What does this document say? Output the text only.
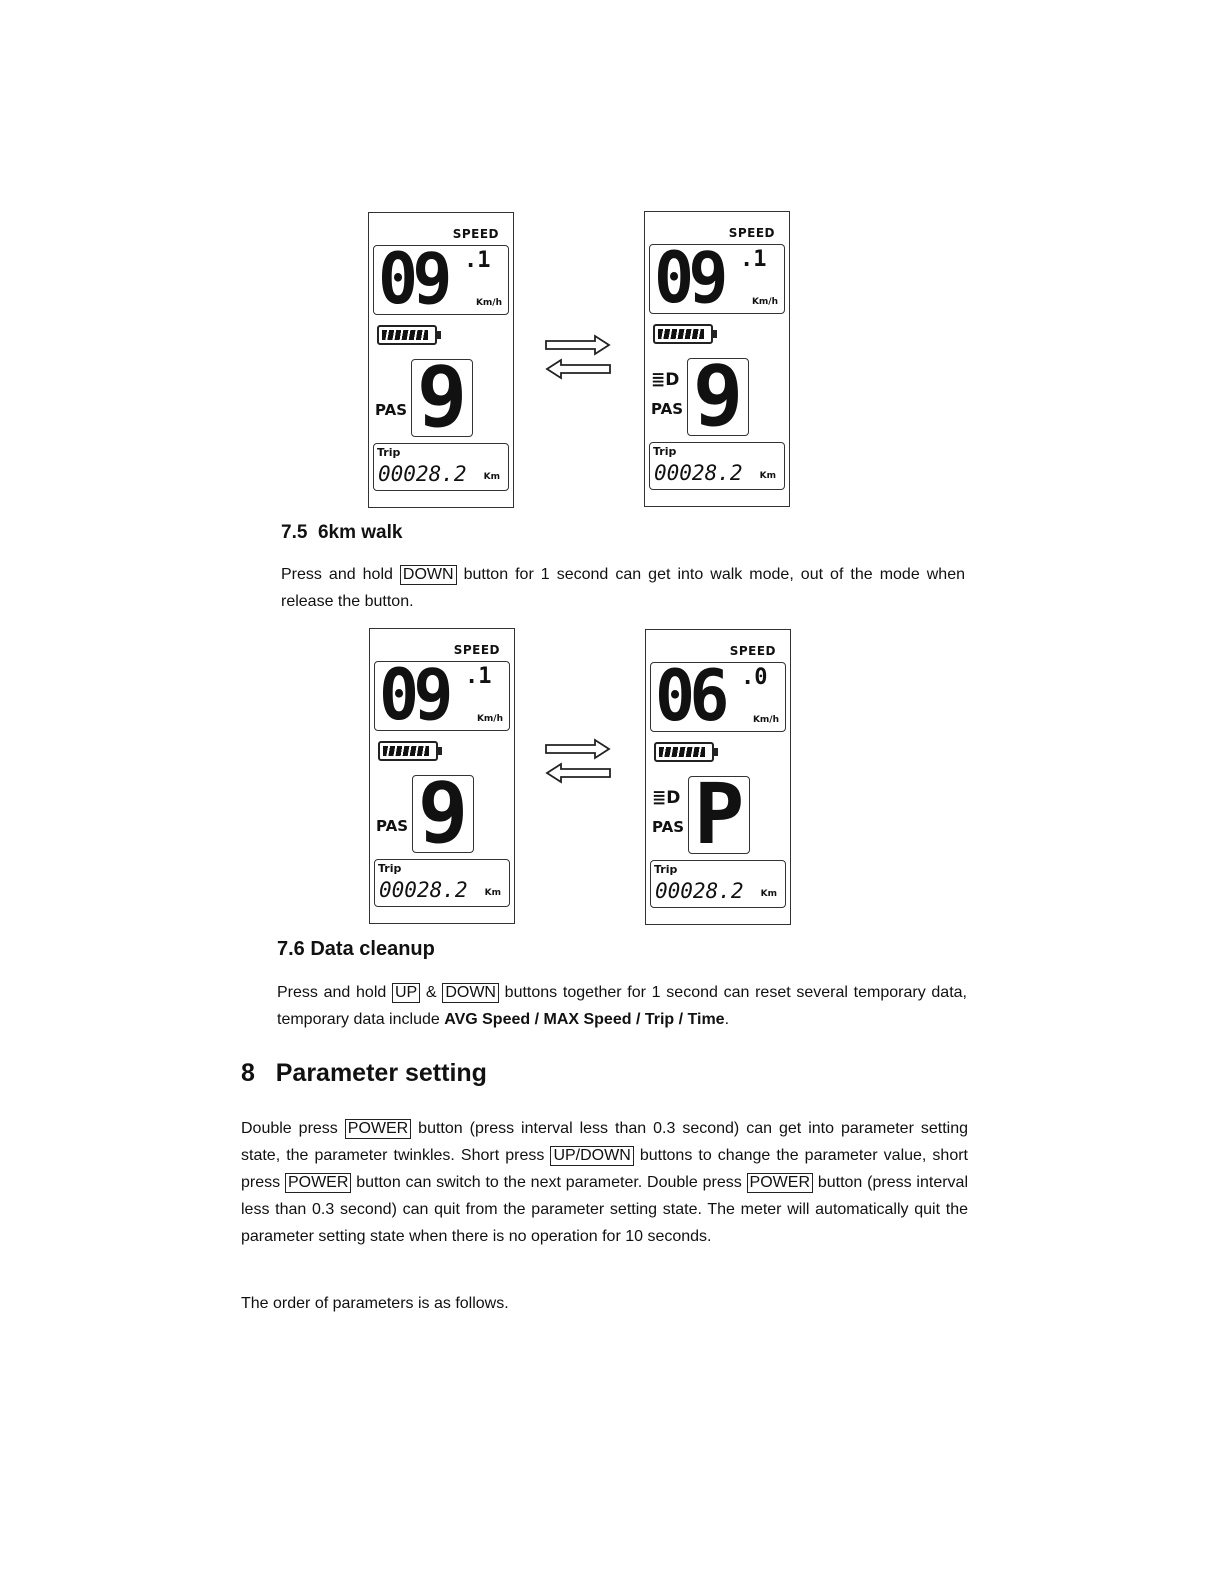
SPEED
09 .1
Km/h
PAS 9
Trip
00028.2 Km
SPEED
09 .1
Km/h
≣D
PAS 9
Trip
00028.2 Km
SPEED
09 .1
Km/h
PAS 9
Trip
00028.2 Km
SPEED
06 .0
Km/h
≣D
PAS P
Trip
00028.2 Km
7.5  6km walk
Press and hold DOWN button for 1 second can get into walk mode, out of the mode when release the button.
7.6 Data cleanup
Press and hold UP & DOWN buttons together for 1 second can reset several temporary data, temporary data include AVG Speed / MAX Speed / Trip / Time.
8   Parameter setting
Double press POWER button (press interval less than 0.3 second) can get into parameter setting state, the parameter twinkles. Short press UP/DOWN buttons to change the parameter value, short press POWER button can switch to the next parameter. Double press POWER button (press interval less than 0.3 second) can quit from the parameter setting state. The meter will automatically quit the parameter setting state when there is no operation for 10 seconds.
The order of parameters is as follows.
